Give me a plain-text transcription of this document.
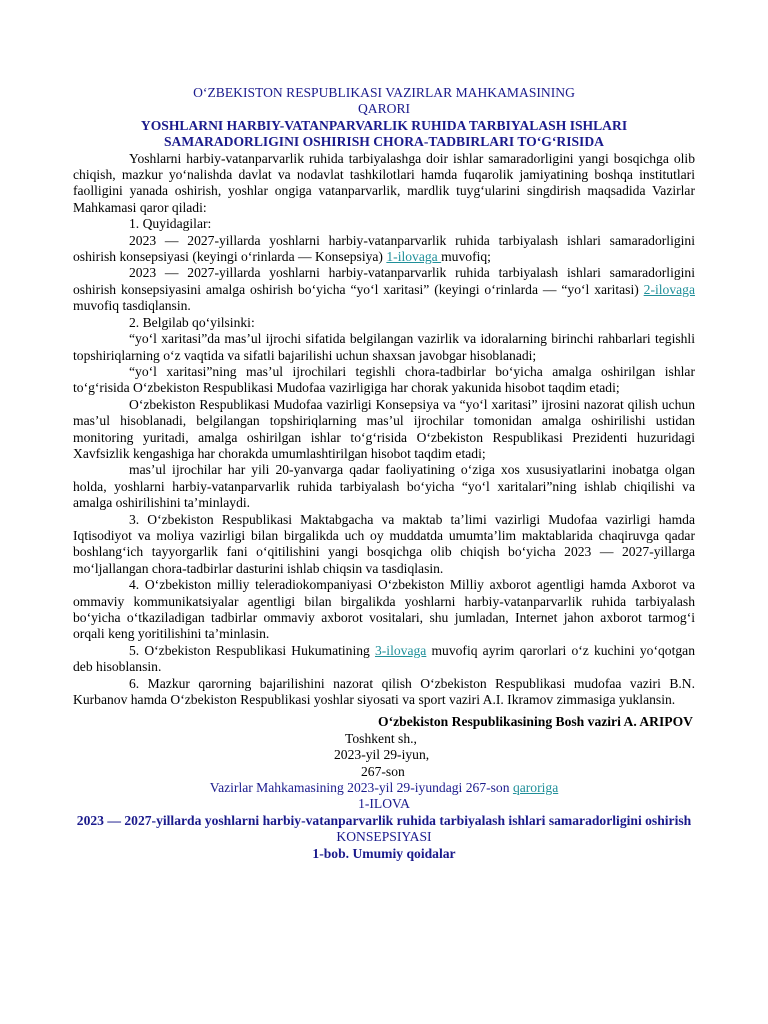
O‘ZBEKISTON RESPUBLIKASI VAZIRLAR MAHKAMASINING

QARORI

YOSHLARNI HARBIY-VATANPARVARLIK RUHIDA TARBIYALASH ISHLARI SAMARADORLIGINI OSHIRISH CHORA-TADBIRLARI TO‘G‘RISIDA

Yoshlarni harbiy-vatanparvarlik ruhida tarbiyalashga doir ishlar samaradorligini yangi bosqichga olib chiqish, mazkur yo‘nalishda davlat va nodavlat tashkilotlari hamda fuqarolik jamiyatining boshqa institutlari faolligini yanada oshirish, yoshlar ongiga vatanparvarlik, mardlik tuyg‘ularini singdirish maqsadida Vazirlar Mahkamasi qaror qiladi:

1. Quyidagilar:

2023 — 2027-yillarda yoshlarni harbiy-vatanparvarlik ruhida tarbiyalash ishlari samaradorligini oshirish konsepsiyasi (keyingi o‘rinlarda — Konsepsiya) 1-ilovaga muvofiq;

2023 — 2027-yillarda yoshlarni harbiy-vatanparvarlik ruhida tarbiyalash ishlari samaradorligini oshirish konsepsiyasini amalga oshirish bo‘yicha “yo‘l xaritasi” (keyingi o‘rinlarda — “yo‘l xaritasi) 2-ilovaga muvofiq tasdiqlansin.

2. Belgilab qo‘yilsinki:

“yo‘l xaritasi”da mas’ul ijrochi sifatida belgilangan vazirlik va idoralarning birinchi rahbarlari tegishli topshiriqlarning o‘z vaqtida va sifatli bajarilishi uchun shaxsan javobgar hisoblanadi;

“yo‘l xaritasi”ning mas’ul ijrochilari tegishli chora-tadbirlar bo‘yicha amalga oshirilgan ishlar to‘g‘risida O‘zbekiston Respublikasi Mudofaa vazirligiga har chorak yakunida hisobot taqdim etadi;

O‘zbekiston Respublikasi Mudofaa vazirligi Konsepsiya va “yo‘l xaritasi” ijrosini nazorat qilish uchun mas’ul hisoblanadi, belgilangan topshiriqlarning mas’ul ijrochilar tomonidan amalga oshirilishi ustidan monitoring yuritadi, amalga oshirilgan ishlar to‘g‘risida O‘zbekiston Respublikasi Prezidenti huzuridagi Xavfsizlik kengashiga har chorakda umumlashtirilgan hisobot taqdim etadi;

mas’ul ijrochilar har yili 20-yanvarga qadar faoliyatining o‘ziga xos xususiyatlarini inobatga olgan holda, yoshlarni harbiy-vatanparvarlik ruhida tarbiyalash bo‘yicha “yo‘l xaritalari”ning ishlab chiqilishi va amalga oshirilishini ta’minlaydi.

3. O‘zbekiston Respublikasi Maktabgacha va maktab ta’limi vazirligi Mudofaa vazirligi hamda Iqtisodiyot va moliya vazirligi bilan birgalikda uch oy muddatda umumta’lim maktablarida chaqiruvga qadar boshlang‘ich tayyorgarlik fani o‘qitilishini yangi bosqichga olib chiqish bo‘yicha 2023 — 2027-yillarga mo‘ljallangan chora-tadbirlar dasturini ishlab chiqsin va tasdiqlasin.

4. O‘zbekiston milliy teleradiokompaniyasi O‘zbekiston Milliy axborot agentligi hamda Axborot va ommaviy kommunikatsiyalar agentligi bilan birgalikda yoshlarni harbiy-vatanparvarlik ruhida tarbiyalash bo‘yicha o‘tkaziladigan tadbirlar ommaviy axborot vositalari, shu jumladan, Internet jahon axborot tarmog‘i orqali keng yoritilishini ta’minlasin.

5. O‘zbekiston Respublikasi Hukumatining 3-ilovaga muvofiq ayrim qarorlari o‘z kuchini yo‘qotgan deb hisoblansin.

6. Mazkur qarorning bajarilishini nazorat qilish O‘zbekiston Respublikasi mudofaa vaziri B.N. Kurbanov hamda O‘zbekiston Respublikasi yoshlar siyosati va sport vaziri A.I. Ikramov zimmasiga yuklansin.

O‘zbekiston Respublikasining Bosh vaziri A. ARIPOV

Toshkent sh.,

2023-yil 29-iyun,

267-son

Vazirlar Mahkamasining 2023-yil 29-iyundagi 267-son qaroriga

1-ILOVA

2023 — 2027-yillarda yoshlarni harbiy-vatanparvarlik ruhida tarbiyalash ishlari samaradorligini oshirish

KONSEPSIYASI

1-bob. Umumiy qoidalar
